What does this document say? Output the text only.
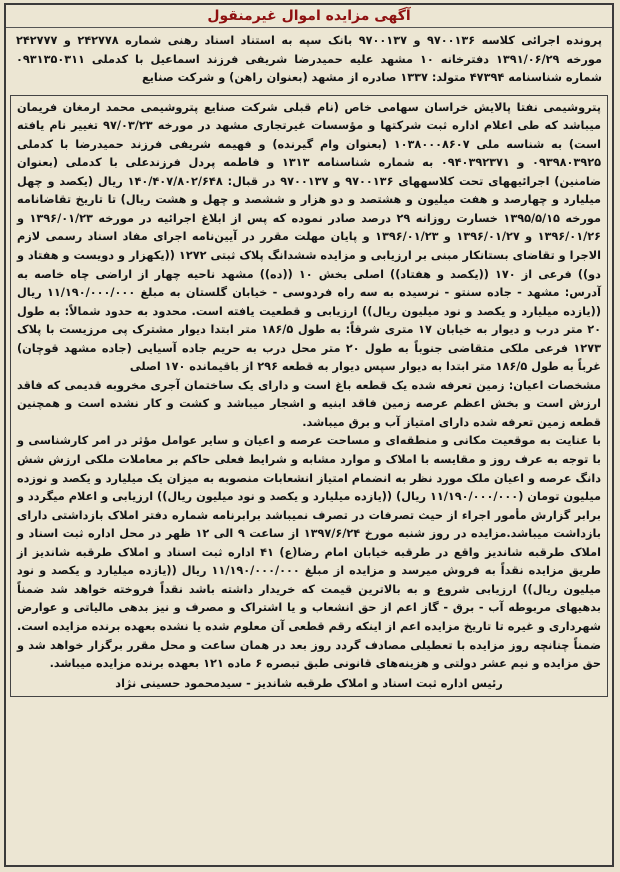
آگهی مزایده اموال غیرمنقول
پرونده اجرائی کلاسه ۹۷۰۰۱۳۶ و ۹۷۰۰۱۳۷ بانک سپه به استناد اسناد رهنی شماره ۲۴۲۷۷۸ و ۲۴۲۷۷۷ مورخه ۱۳۹۱/۰۶/۲۹ دفترخانه ۱۰ مشهد علیه حمیدرضا شریفی فرزند اسماعیل با کدملی ۰۹۳۱۳۵۰۳۱۱ شماره شناسنامه ۴۷۳۹۴ متولد: ۱۳۳۷ صادره از مشهد (بعنوان راهن) و شرکت صنایع

پتروشیمی نفتا پالایش خراسان سهامی خاص (نام قبلی شرکت صنایع پتروشیمی محمد ارمغان فریمان میباشد که طی اعلام اداره ثبت شرکتها و مؤسسات غیرتجاری مشهد در مورخه ۹۷/۰۳/۲۳ تغییر نام یافته است) به شناسه ملی ۱۰۳۸۰۰۰۸۶۰۷ (بعنوان وام گیرنده) و فهیمه شریفی فرزند حمیدرضا با کدملی ۰۹۳۹۸۰۳۹۲۵ و ۰۹۴۰۳۹۲۳۷۱ به شماره شناسنامه ۱۳۱۳ و فاطمه پردل فرزندعلی با کدملی (بعنوان ضامنین) اجرائیههای تحت کلاسههای ۹۷۰۰۱۳۶ و ۹۷۰۰۱۳۷ در قبال: ۱۴۰/۴۰۷/۸۰۲/۶۴۸ ریال (یکصد و چهل میلیارد و چهارصد و هفت میلیون و هشتصد و دو هزار و ششصد و چهل و هشت ریال) تا تاریخ تقاضانامه مورخه ۱۳۹۵/۵/۱۵ خسارت روزانه ۲۹ درصد صادر نموده که پس از ابلاغ اجرائیه در مورخه ۱۳۹۶/۰۱/۲۳ و ۱۳۹۶/۰۱/۲۶ و ۱۳۹۶/۰۱/۲۷ و ۱۳۹۶/۰۱/۲۳ و پایان مهلت مقرر در آیین‌نامه اجرای مفاد اسناد رسمی لازم الاجرا و تقاضای بستانکار مبنی بر ارزیابی و مزایده ششدانگ پلاک ثبتی ۱۲۷۲ ((یکهزار و دویست و هفتاد و دو)) فرعی از ۱۷۰ ((یکصد و هفتاد)) اصلی بخش ۱۰ ((ده)) مشهد ناحیه چهار از اراضی چاه خاصه به آدرس: مشهد - جاده سنتو - نرسیده به سه راه فردوسی - خیابان گلستان به مبلغ ۱۱/۱۹۰/۰۰۰/۰۰۰ ریال ((یازده میلیارد و یکصد و نود میلیون ریال)) ارزیابی و قطعیت یافته است. محدود به حدود شمالاً: به طول ۲۰ متر درب و دیوار به خیابان ۱۷ متری شرقاً: به طول ۱۸۶/۵ متر ابتدا دیوار مشترک پی مرزیست با پلاک ۱۲۷۳ فرعی ملکی متقاضی جنوباً به طول ۲۰ متر محل درب به حریم جاده آسیایی (جاده مشهد قوچان) غرباً به طول ۱۸۶/۵ متر ابتدا به دیوار سپس دیوار به قطعه ۲۹۶ از باقیمانده ۱۷۰ اصلی

مشخصات اعیان: زمین تعرفه شده یک قطعه باغ است و دارای یک ساختمان آجری مخروبه قدیمی که فاقد ارزش است و بخش اعظم عرصه زمین فاقد ابنیه و اشجار میباشد و کشت و کار نشده است و همچنین قطعه زمین تعرفه شده دارای امتیاز آب و برق میباشد.

با عنایت به موقعیت مکانی و منطقه‌ای و مساحت عرصه و اعیان و سایر عوامل مؤثر در امر کارشناسی و با توجه به عرف روز و مقایسه با املاک و موارد مشابه و شرایط فعلی حاکم بر معاملات ملکی ارزش شش دانگ عرصه و اعیان ملک مورد نظر به انضمام امتیاز انشعابات منصوبه به میزان یک میلیارد و یکصد و نوزده میلیون تومان (۱۱/۱۹۰/۰۰۰/۰۰۰ ریال) ((یازده میلیارد و یکصد و نود میلیون ریال)) ارزیابی و اعلام میگردد و برابر گزارش مأمور اجراء از حیث تصرفات در تصرف نمیباشد برابرنامه شماره دفتر املاک بازداشتی دارای بازداشت میباشد.مزایده در روز شنبه مورخ ۱۳۹۷/۶/۲۴ از ساعت ۹ الی ۱۲ ظهر در محل اداره ثبت اسناد و املاک طرقبه شاندیز واقع در طرقبه خیابان امام رضا(ع) ۴۱ اداره ثبت اسناد و املاک طرقبه شاندیز از طریق مزایده نقداً به فروش میرسد و مزایده از مبلغ ۱۱/۱۹۰/۰۰۰/۰۰۰ ریال ((یازده میلیارد و یکصد و نود میلیون ریال)) ارزیابی شروع و به بالاترین قیمت که خریدار داشته باشد نقداً فروخته خواهد شد ضمناً بدهیهای مربوطه آب - برق - گاز اعم از حق انشعاب و یا اشتراک و مصرف و نیز بدهی مالیاتی و عوارض شهرداری و غیره تا تاریخ مزایده اعم از اینکه رقم قطعی آن معلوم شده یا نشده بعهده برنده مزایده است. ضمناً چنانچه روز مزایده با تعطیلی مصادف گردد روز بعد در همان ساعت و محل مقرر برگزار خواهد شد و حق مزایده و نیم عشر دولتی و هزینه‌های قانونی طبق تبصره ۶ ماده ۱۲۱ بعهده برنده مزایده میباشد.

رئیس اداره ثبت اسناد و املاک طرقبه شاندیز - سیدمحمود حسینی نژاد
